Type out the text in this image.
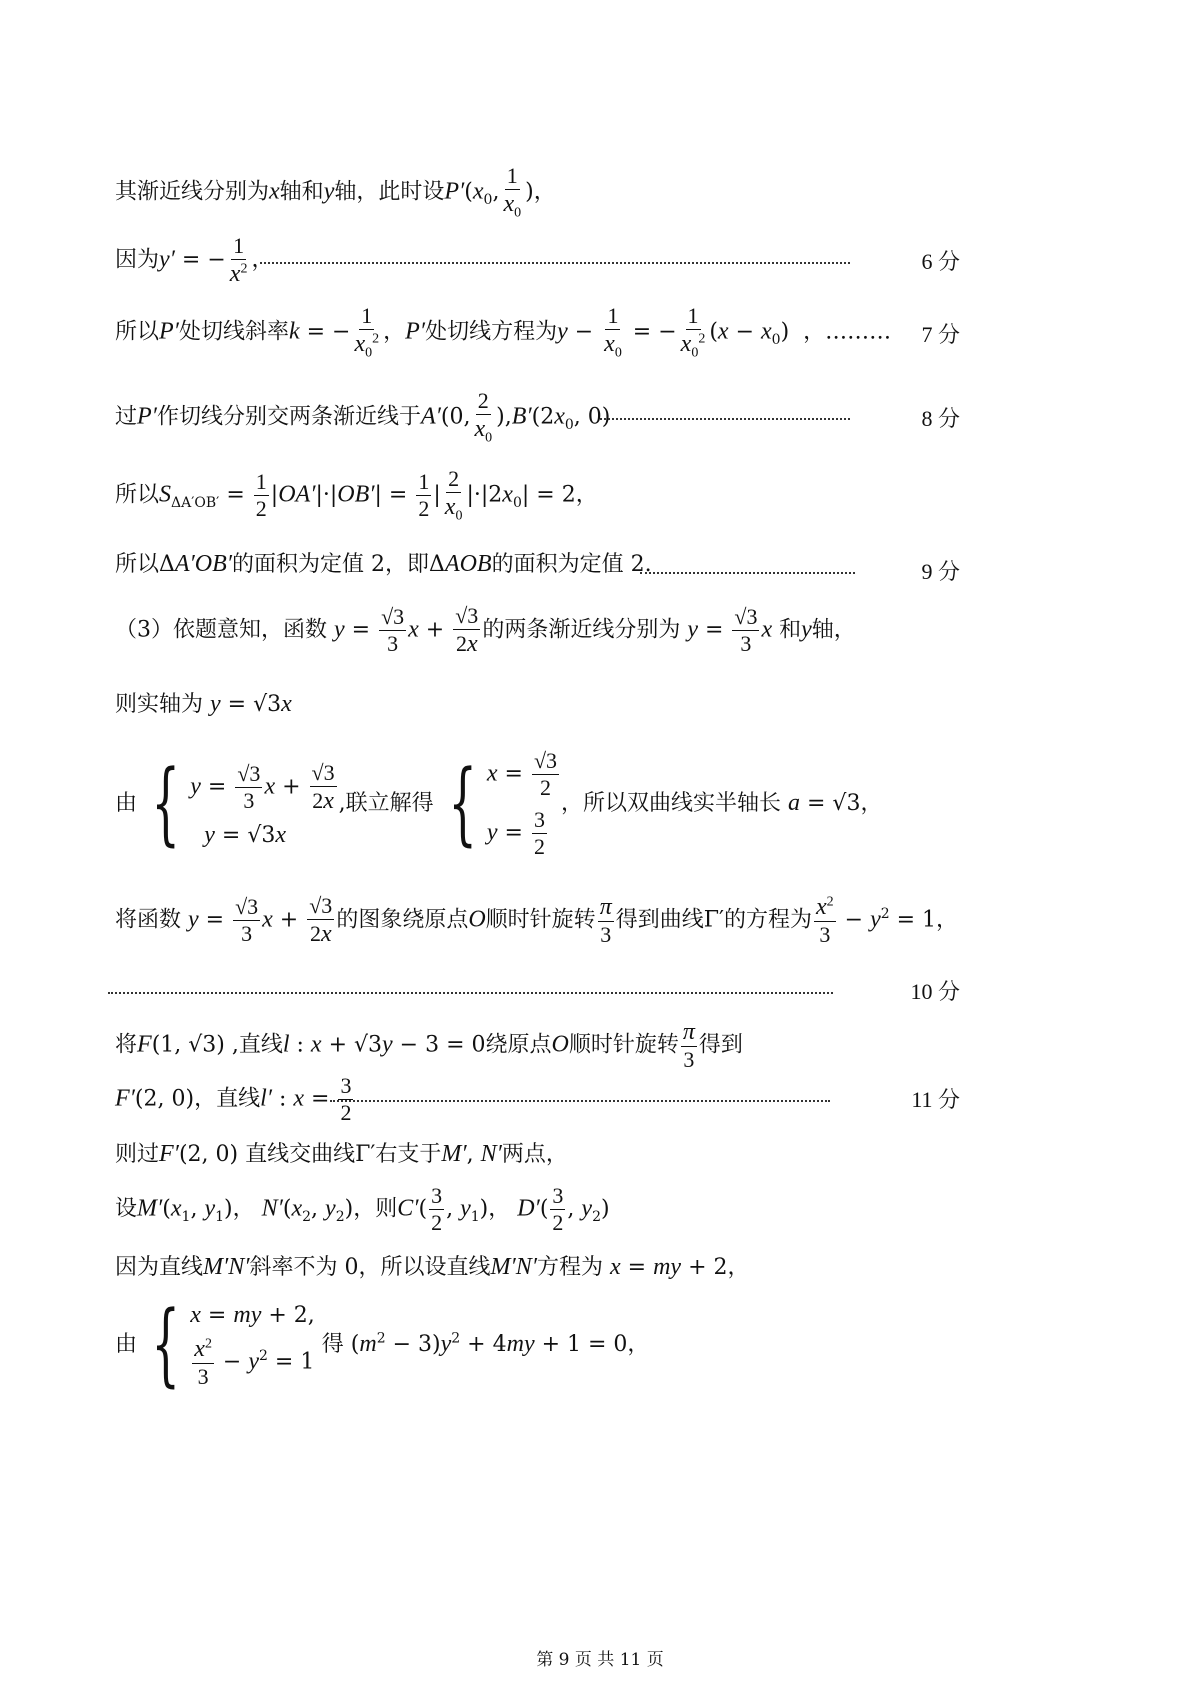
其渐近线分别为x轴和y轴，此时设$P'(x_0$, $\frac{1}{x_0}$ )，
因为y′ = − $\frac{1}{x^2}$ ，	6 分
所以P′处切线斜率k = − $\frac{1}{x_0^2}$ ，P′处切线方程为$y - \frac{1}{x_0}$ = − $\frac{1}{x_0^2} (x - x_0)$  ，……… 7 分
过P′作切线分别交两条渐近线于A′(0, $\frac{2}{x_0} ),B'(2x_0$, 0)	8 分
所以$S_{\Delta A'OB'} = \frac{1}{2} |OA'|\cdot|OB'| = \frac{1}{2}$ | $\frac{2}{x_0} |\cdot|2x_0| = 2$，
所以ΔA′OB′的面积为定值 2，即ΔAOB的面积为定值 2.	9 分
（3）依题意知，函数 $y = \frac{√3}{3}$ $x + \frac{√3}{2x}$ 的两条渐近线分别为 $y = \frac{√3}{3}$ x 和y轴，
则实轴为 y = √3x
由 { $y = \frac{√3}{3}$ $x + \frac{√3}{2x}$
y = √3x
,联立解得 { $x = \frac{√3}{2}$
$y = \frac{3}{2}$
，所以双曲线实半轴长 a = √3，
将函数 $y = \frac{√3}{3}$ $x + \frac{√3}{2x}$ 的图象绕原点O顺时针旋转 $\frac{\pi}{3}$ 得到曲线Γ′的方程为 $\frac{x^2}{3} - y^2 = 1$，
10 分
将F(1, √3) ,直线l : x + √3y − 3 = 0绕原点O顺时针旋转 $\frac{\pi}{3}$ 得到
F′(2, 0)，直线l′ : $x = \frac{3}{2}$	11 分
则过F′(2, 0) 直线交曲线Γ′右支于M′, N′两点，
设$M'(x_1$, $y_1$)， $N'(x_2$, $y_2$)，则$C'( \frac{3}{2}$ , $y_1$)， $D'( \frac{3}{2}$ , $y_2$)
因为直线M′N′斜率不为 0，所以设直线M′N′方程为 x = my + 2，
由 { x = my + 2,
$\frac{x^2}{3} - y^2 = 1$
得 $(m^2 - 3)y^2 + 4my + 1 = 0$，
第 9 页 共 11 页
